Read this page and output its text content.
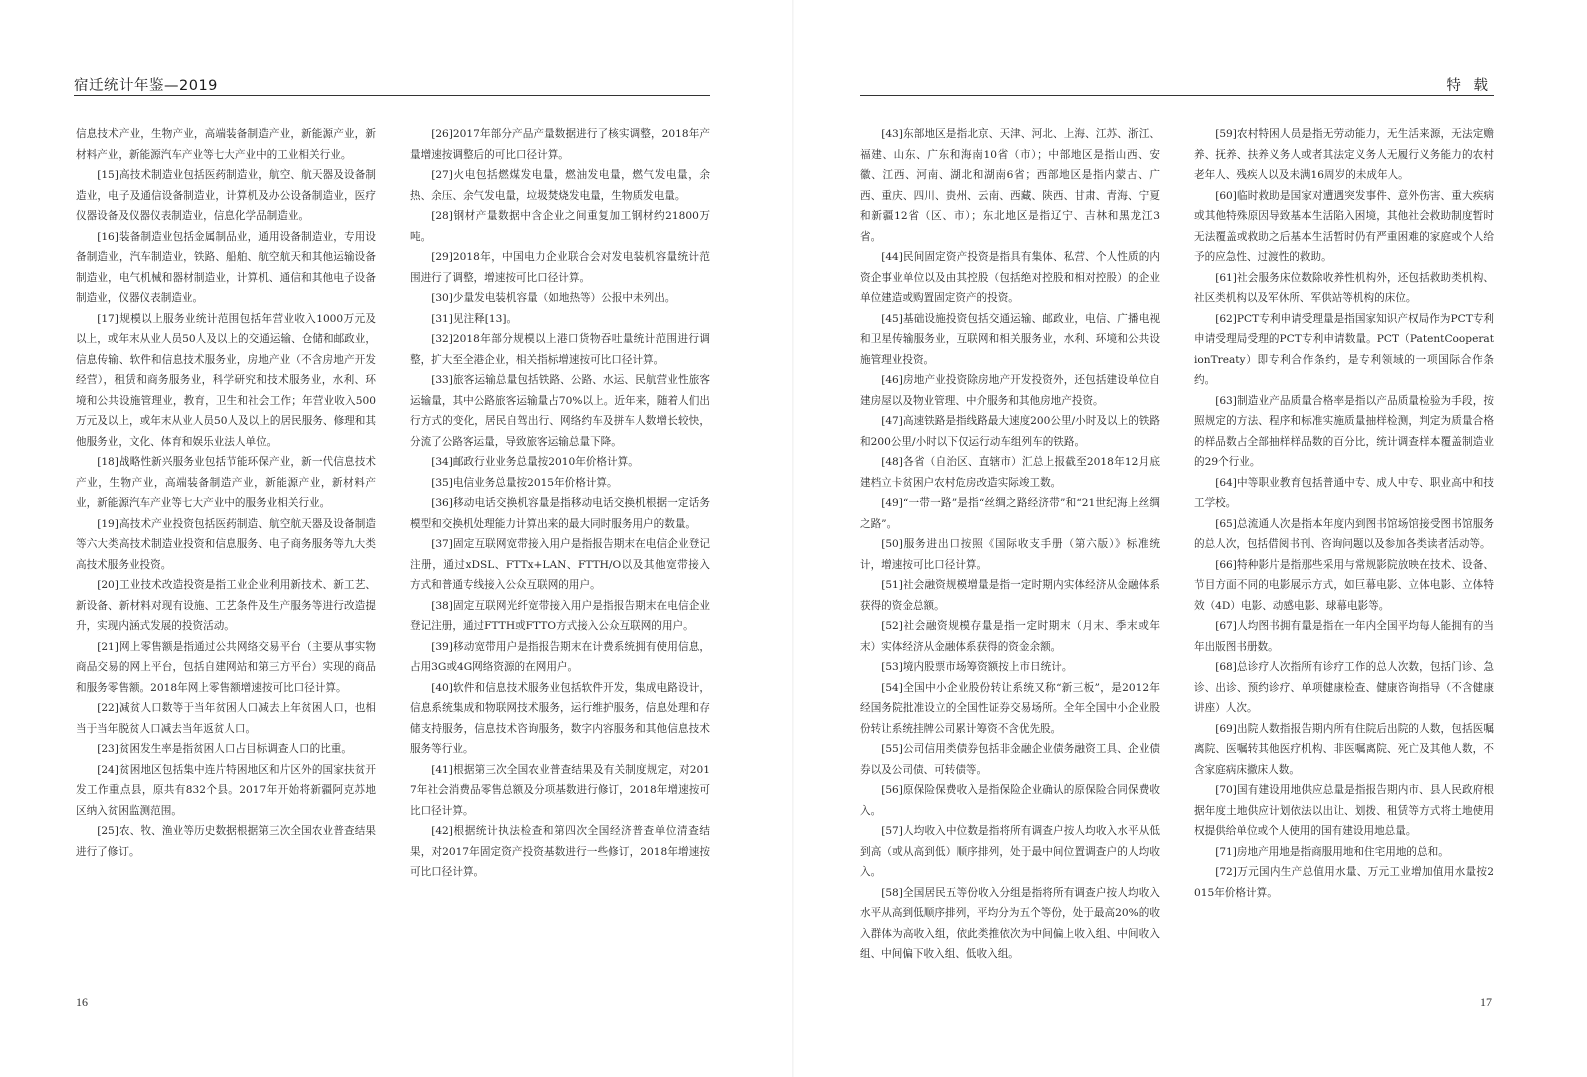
宿迁统计年鉴—2019

信息技术产业，生物产业，高端装备制造产业，新能源产业，新材料产业，新能源汽车产业等七大产业中的工业相关行业。

[15]高技术制造业包括医药制造业，航空、航天器及设备制造业，电子及通信设备制造业，计算机及办公设备制造业，医疗仪器设备及仪器仪表制造业，信息化学品制造业。

[16]装备制造业包括金属制品业，通用设备制造业，专用设备制造业，汽车制造业，铁路、船舶、航空航天和其他运输设备制造业，电气机械和器材制造业，计算机、通信和其他电子设备制造业，仪器仪表制造业。

[17]规模以上服务业统计范围包括年营业收入1000万元及以上，或年末从业人员50人及以上的交通运输、仓储和邮政业，信息传输、软件和信息技术服务业，房地产业（不含房地产开发经营），租赁和商务服务业，科学研究和技术服务业，水利、环境和公共设施管理业，教育，卫生和社会工作；年营业收入500万元及以上，或年末从业人员50人及以上的居民服务、修理和其他服务业，文化、体育和娱乐业法人单位。

[18]战略性新兴服务业包括节能环保产业，新一代信息技术产业，生物产业，高端装备制造产业，新能源产业，新材料产业，新能源汽车产业等七大产业中的服务业相关行业。

[19]高技术产业投资包括医药制造、航空航天器及设备制造等六大类高技术制造业投资和信息服务、电子商务服务等九大类高技术服务业投资。

[20]工业技术改造投资是指工业企业利用新技术、新工艺、新设备、新材料对现有设施、工艺条件及生产服务等进行改造提升，实现内涵式发展的投资活动。

[21]网上零售额是指通过公共网络交易平台（主要从事实物商品交易的网上平台，包括自建网站和第三方平台）实现的商品和服务零售额。2018年网上零售额增速按可比口径计算。

[22]减贫人口数等于当年贫困人口减去上年贫困人口，也相当于当年脱贫人口减去当年返贫人口。

[23]贫困发生率是指贫困人口占目标调查人口的比重。

[24]贫困地区包括集中连片特困地区和片区外的国家扶贫开发工作重点县，原共有832个县。2017年开始将新疆阿克苏地区纳入贫困监测范围。

[25]农、牧、渔业等历史数据根据第三次全国农业普查结果进行了修订。

[26]2017年部分产品产量数据进行了核实调整，2018年产量增速按调整后的可比口径计算。

[27]火电包括燃煤发电量，燃油发电量，燃气发电量，余热、余压、余气发电量，垃圾焚烧发电量，生物质发电量。

[28]钢材产量数据中含企业之间重复加工钢材约21800万吨。

[29]2018年，中国电力企业联合会对发电装机容量统计范围进行了调整，增速按可比口径计算。

[30]少量发电装机容量（如地热等）公报中未列出。

[31]见注释[13]。

[32]2018年部分规模以上港口货物吞吐量统计范围进行调整，扩大至全港企业，相关指标增速按可比口径计算。

[33]旅客运输总量包括铁路、公路、水运、民航营业性旅客运输量，其中公路旅客运输量占70%以上。近年来，随着人们出行方式的变化，居民自驾出行、网络约车及拼车人数增长较快，分流了公路客运量，导致旅客运输总量下降。

[34]邮政行业业务总量按2010年价格计算。

[35]电信业务总量按2015年价格计算。

[36]移动电话交换机容量是指移动电话交换机根据一定话务模型和交换机处理能力计算出来的最大同时服务用户的数量。

[37]固定互联网宽带接入用户是指报告期末在电信企业登记注册，通过xDSL、FTTx+LAN、FTTH/O以及其他宽带接入方式和普通专线接入公众互联网的用户。

[38]固定互联网光纤宽带接入用户是指报告期末在电信企业登记注册，通过FTTH或FTTO方式接入公众互联网的用户。

[39]移动宽带用户是指报告期末在计费系统拥有使用信息，占用3G或4G网络资源的在网用户。

[40]软件和信息技术服务业包括软件开发，集成电路设计，信息系统集成和物联网技术服务，运行维护服务，信息处理和存储支持服务，信息技术咨询服务，数字内容服务和其他信息技术服务等行业。

[41]根据第三次全国农业普查结果及有关制度规定，对2017年社会消费品零售总额及分项基数进行修订，2018年增速按可比口径计算。

[42]根据统计执法检查和第四次全国经济普查单位清查结果，对2017年固定资产投资基数进行一些修订，2018年增速按可比口径计算。

16
特 载

[43]东部地区是指北京、天津、河北、上海、江苏、浙江、福建、山东、广东和海南10省（市）；中部地区是指山西、安徽、江西、河南、湖北和湖南6省；西部地区是指内蒙古、广西、重庆、四川、贵州、云南、西藏、陕西、甘肃、青海、宁夏和新疆12省（区、市）；东北地区是指辽宁、吉林和黑龙江3省。

[44]民间固定资产投资是指具有集体、私营、个人性质的内资企事业单位以及由其控股（包括绝对控股和相对控股）的企业单位建造或购置固定资产的投资。

[45]基础设施投资包括交通运输、邮政业，电信、广播电视和卫星传输服务业，互联网和相关服务业，水利、环境和公共设施管理业投资。

[46]房地产业投资除房地产开发投资外，还包括建设单位自建房屋以及物业管理、中介服务和其他房地产投资。

[47]高速铁路是指线路最大速度200公里/小时及以上的铁路和200公里/小时以下仅运行动车组列车的铁路。

[48]各省（自治区、直辖市）汇总上报截至2018年12月底建档立卡贫困户农村危房改造实际竣工数。

[49]“一带一路”是指“丝绸之路经济带”和“21世纪海上丝绸之路”。

[50]服务进出口按照《国际收支手册（第六版）》标准统计，增速按可比口径计算。

[51]社会融资规模增量是指一定时期内实体经济从金融体系获得的资金总额。

[52]社会融资规模存量是指一定时期末（月末、季末或年末）实体经济从金融体系获得的资金余额。

[53]境内股票市场筹资额按上市日统计。

[54]全国中小企业股份转让系统又称“新三板”，是2012年经国务院批准设立的全国性证券交易场所。全年全国中小企业股份转让系统挂牌公司累计筹资不含优先股。

[55]公司信用类债券包括非金融企业债务融资工具、企业债券以及公司债、可转债等。

[56]原保险保费收入是指保险企业确认的原保险合同保费收入。

[57]人均收入中位数是指将所有调查户按人均收入水平从低到高（或从高到低）顺序排列，处于最中间位置调查户的人均收入。

[58]全国居民五等份收入分组是指将所有调查户按人均收入水平从高到低顺序排列，平均分为五个等份，处于最高20%的收入群体为高收入组，依此类推依次为中间偏上收入组、中间收入组、中间偏下收入组、低收入组。

[59]农村特困人员是指无劳动能力，无生活来源，无法定赡养、抚养、扶养义务人或者其法定义务人无履行义务能力的农村老年人、残疾人以及未满16周岁的未成年人。

[60]临时救助是国家对遭遇突发事件、意外伤害、重大疾病或其他特殊原因导致基本生活陷入困境，其他社会救助制度暂时无法覆盖或救助之后基本生活暂时仍有严重困难的家庭或个人给予的应急性、过渡性的救助。

[61]社会服务床位数除收养性机构外，还包括救助类机构、社区类机构以及军休所、军供站等机构的床位。

[62]PCT专利申请受理量是指国家知识产权局作为PCT专利申请受理局受理的PCT专利申请数量。PCT（PatentCooperationTreaty）即专利合作条约，是专利领域的一项国际合作条约。

[63]制造业产品质量合格率是指以产品质量检验为手段，按照规定的方法、程序和标准实施质量抽样检测，判定为质量合格的样品数占全部抽样样品数的百分比，统计调查样本覆盖制造业的29个行业。

[64]中等职业教育包括普通中专、成人中专、职业高中和技工学校。

[65]总流通人次是指本年度内到图书馆场馆接受图书馆服务的总人次，包括借阅书刊、咨询问题以及参加各类读者活动等。

[66]特种影片是指那些采用与常规影院放映在技术、设备、节目方面不同的电影展示方式，如巨幕电影、立体电影、立体特效（4D）电影、动感电影、球幕电影等。

[67]人均图书拥有量是指在一年内全国平均每人能拥有的当年出版图书册数。

[68]总诊疗人次指所有诊疗工作的总人次数，包括门诊、急诊、出诊、预约诊疗、单项健康检查、健康咨询指导（不含健康讲座）人次。

[69]出院人数指报告期内所有住院后出院的人数，包括医嘱离院、医嘱转其他医疗机构、非医嘱离院、死亡及其他人数，不含家庭病床撤床人数。

[70]国有建设用地供应总量是指报告期内市、县人民政府根据年度土地供应计划依法以出让、划拨、租赁等方式将土地使用权提供给单位或个人使用的国有建设用地总量。

[71]房地产用地是指商服用地和住宅用地的总和。

[72]万元国内生产总值用水量、万元工业增加值用水量按2015年价格计算。

17
